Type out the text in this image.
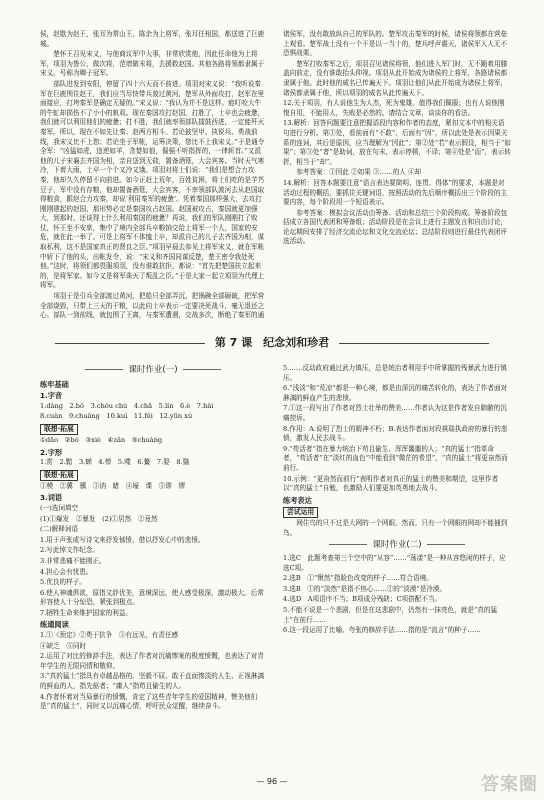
侯，赵歇为赵王，张耳为常山王，陈余为上将军，张耳任相国，都送进了巨鹿城。

楚怀王召见宋义，与他商议军中大事，非常欣赏他，因此任命他为上将军，项羽为鲁公，做次将，范增做末将，去援救赵国。其他各路将领都隶属于宋义，号称为卿子冠军。

部队进发到安阳，停留了四十六天而不前进。项羽对宋义说：“我听说秦军在巨鹿围住赵王，我们应当尽快带兵渡过黄河，楚军从外面攻打，赵军在里面接应，打垮秦军是确定无疑的。”宋义说：“我认为并不是这样。能叮咬大牛的牛虻却损伤不了小小的虮虱。现在秦国攻打赵国，打胜了，士卒也会疲惫，我们就可以利用他们的疲惫；打不胜，我们就率领部队擂鼓西进，一定能歼灭秦军。所以，现在不如先让秦、赵两方相斗。若论披坚甲、执锐兵、勇战前线，我宋义比不上您；若论坐于军帐，运筹决策，您比不上我宋义。”于是通令全军：“凶猛如虎，违逆如羊，贪婪如狼，倔强不听指挥的，一律斩首。”又派他的儿子宋襄去齐国为相，亲自送到无盐，置备酒筵，大会宾客。当时天气寒冷，下着大雨，士卒一个个又冷又饿。项羽对将士们说：“我们是想合力攻秦，他却久久停留不向前进。如今正赶上荒年，百姓贫困，将士们吃的是芋艿豆子，军中没有存粮，他却置备酒筵，大会宾客，不率领部队渡河去从赵国取得粮食，跟赵合力攻秦，却说‘利用秦军的疲惫’。凭着秦国那样强大，去攻打刚刚建起的赵国，那形势必定是秦国攻占赵国。赵国被攻占，秦国就更加强大，到那时，还谈得上什么利用秦国的疲惫？再说，我们的军队刚刚打了败仗，怀王坐不安席，集中了境内全部兵卒粮饷交给上将军一个人，国家的安危，就在此一举了。可是上将军不体恤士卒，却派自己的儿子去齐国为相，谋取私利，这不是国家真正的贤良之臣。”项羽早晨去参见上将军宋义，就在军帐中斩下了他的头，出帐发令，说：“宋义和齐国同谋反楚，楚王密令我处死他。”这时，将领们都畏服项羽，没有谁敢抗拒，都说：“首先把楚国扶立起来的，是将军家。如今又是将军诛灭了叛乱之臣。”于是大家一起立项羽为代理上将军。

项羽于是引兵全部渡过黄河，把船只全部弄沉，把锅碗全部砸破，把军营全部烧毁，只带上三天的干粮，以此向士卒表示一定要决死战斗，毫无退还之心。部队一到前线，就包围了王离，与秦军遭遇，交战多次，断绝了秦军的通

诸侯军，没有敢放纵自己的军队的。楚军攻击秦军的时候，诸侯将领都在营垒上观看。楚军战士没有一个不是以一当十的，楚兵呼声震天，诸侯军人人无不恐惧战栗。

楚军打败秦军之后，项羽召见诸侯将领，他们进入军门时，无不跪着用膝盖向前走，没有谁敢抬头仰视。项羽从此开始成为诸侯的上将军，各路诸侯都隶属于他。此时他的威名已传遍天下。项羽让他们从此开始成为诸侯上将军，诸侯都隶属于他，所以项羽的威名从此传遍天下。

12.关于项羽，有人说他生为人杰，死为鬼雄，值得我们佩服；也有人说他刚愎自用，不能用人，失败是必然的。请结合文章，谈谈你的看法。

13.解析：回答问题要注意把握语段内容和作者的态度，紧扣文本中的相关语句进行分析。第①处，看前面有“不敢”，后面有“因”，所以此处是表示因果关系的连词，其后是原因，应当理解为“因此”；第②处“若”表示假设，相当于“如果”；第③处“者”是助词，放在句末，表示停顿，不译；第④处是“而”，表示转折，相当于“却”。

参考答案：①因此 ②如果 ③……的人 ④却

14.解析：回答本题要注意“语言表达要简明、连贯、得体”的要求，本题是对活动过程的概括，要抓住关键词语，按照活动的先后顺序概括出三个阶段的主要内容，每个阶段用一个短语表示。

参考答案：模拟会议活动由筹备、活动和总结三个阶段构成。筹备阶段包括成立各国代表团和筹备组；活动阶段是在会议上进行主题发言和自由讨论，论坛期间安排了经济交流论坛和文化交流论坛；总结阶段则进行最佳代表团评选活动。

第 7 课　纪念刘和珍君
课时作业(一)
练牢基础
1.字音

1.dàng　2.bǒ　3.chóu chú　4.chǎ　5.lín　6.è　7.hài

8.cuàn　9.chuāng　10.kuì　11.fěi　12.yūn xú

联想·拓展

①dǎo　②bó　③xiè　④zǎn　⑤chuàng

2.字形

1.赏　2.黯　3.蝉　4.惮　5.喋　6.鳌　7.娶　8.翳

联想·拓展

①模　②冀　骥　③讷　睹　④壕　课　⑤谬　缪

3.词语

(一)选词填空

(1)①爆发　②暴发　(2)①居然　②竟然

(二)解释词语

1.用于声张或写诗文来抒发郁愤、借以抒发心中的悲愤。

2.写此悼文作纪念。

3.非常悲痛不能刚正。

4.担心会有忧患。

5.优良的样子。

6.使人神魂俱欲，原指文辞优美，意境深远，使人感受极深，激动极大。后常形容使人十分惊恐，紧张到极点。

7.牺牲生命来维护国家的利益。

练通阅读

1.①《预定》②勇于抗争　③有远见，有责任感

④缺乏　⑤同时

2.运用了对比的修辞手法，表达了作者对沉痛惨案的极度愤慨，也表达了对青年学生的无限同情和敬仰。

3.“真的猛士”指具有卓越品格的、坚毅不屈、敢于直面惨淡的人生、正视淋漓的鲜血的人，指先驱者；“庸人”指苟且偷生的人。

4.作者怀着对当局暴行的愤慨，肯定了这些青年学生的爱国精神，赞美他们是“真的猛士”，同时又以沉痛心情，呼吁民众觉醒，继续奋斗。

5.……反动政府通过武力镇压，总是统治者利用手中所掌握的残暴武力进行镇压。

6.“浅淡”和“荒凉”都是一种心境，都是由深沉的痛苦转化的，表达了作者面对淋漓的鲜血产生的悲愤。

7.①这一段写出了作者对烈士壮举的赞美……作者认为这是作者发自肺腑的沉痛控诉。

8.作用：A.说明了烈士的精神不朽；B.表达作者面对段祺瑞执政府的暴行的悲愤，激发人民去战斗。

9.“苟活者”指在暴力统治下苟且偷生、浑浑噩噩的人；“真的猛士”指革命者，“苟活者”在“淡红的血色”中能看到“微茫的希望”，“真的猛士”将更奋然而前行。

10.示例：“更奋然而前行”表明作者对真正的猛士的赞美和期望，这里作者以“真的猛士”自勉，也激励人们要更加英勇地去战斗。

练考表达
尝试运用

网住鸟的只不过是大网的一个网眼，然而，只有一个网眼的网却不能捕到鸟。

课时作业(二)

1.选C　此题考查第三个空中的“从容”……“荡漾”是一种从容悠闲的样子，应选C项。

2.选B　①“愀然”指脸色改变的样子……符合语境。

3.选B　①的“淡然”是指不热心……②的“淡漠”是冷漠。

4.选D　A项语序不当；B项成分残缺；C项搭配不当。

5.不能不说是一个悲剧，但是在这悲剧中，仍然有一抹亮色，就是“真的猛士”在前行……

6.这一段运用了比喻、夸张的修辞手法……指的是“流言”的种子……

— 96 —	答案圈
